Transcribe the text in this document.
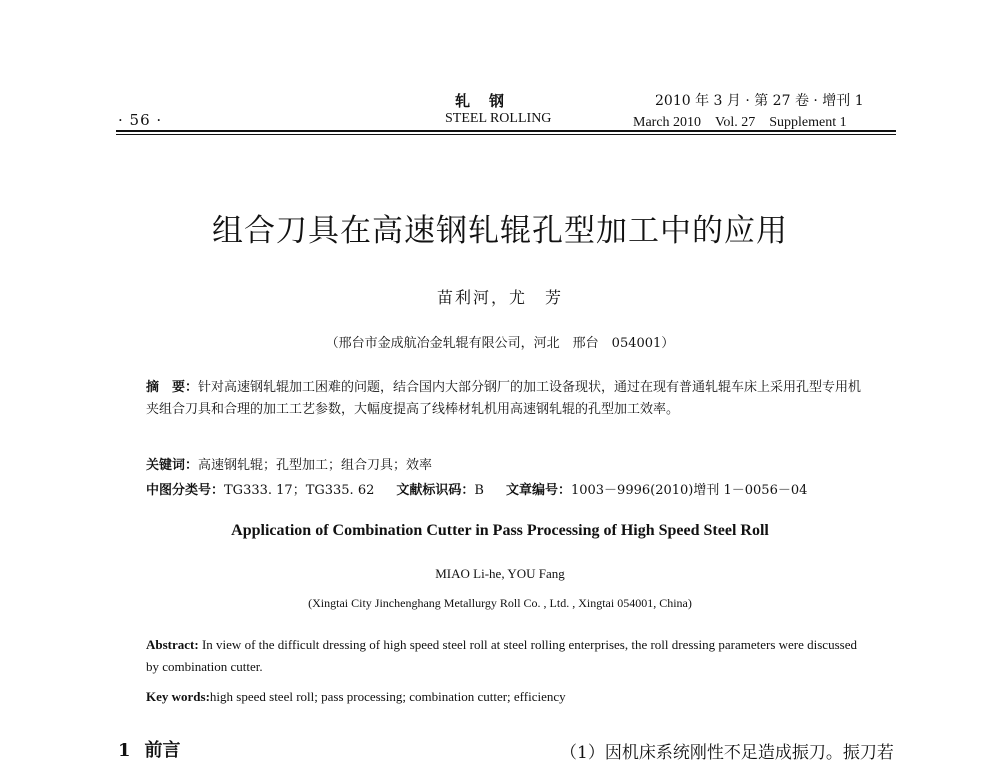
· 56 ·
轧　钢
STEEL ROLLING
2010 年 3 月 · 第 27 卷 · 增刊 1
March 2010　Vol. 27　Supplement 1
组合刀具在高速钢轧辊孔型加工中的应用
苗利河，尤　芳
（邢台市金成航冶金轧辊有限公司，河北　邢台　054001）
摘　要：针对高速钢轧辊加工困难的问题，结合国内大部分钢厂的加工设备现状，通过在现有普通轧辊车床上采用孔型专用机夹组合刀具和合理的加工工艺参数，大幅度提高了线棒材轧机用高速钢轧辊的孔型加工效率。
关键词：高速钢轧辊；孔型加工；组合刀具；效率
中图分类号：TG333. 17；TG335. 62 文献标识码：B 文章编号：1003－9996(2010)增刊 1－0056－04
Application of Combination Cutter in Pass Processing of High Speed Steel Roll
MIAO Li-he, YOU Fang
(Xingtai City Jinchenghang Metallurgy Roll Co. , Ltd. , Xingtai 054001, China)
Abstract: In view of the difficult dressing of high speed steel roll at steel rolling enterprises, the roll dressing parameters were discussed by combination cutter.
Key words:high speed steel roll; pass processing; combination cutter; efficiency
1 前言	（1）因机床系统刚性不足造成振刀。振刀若
